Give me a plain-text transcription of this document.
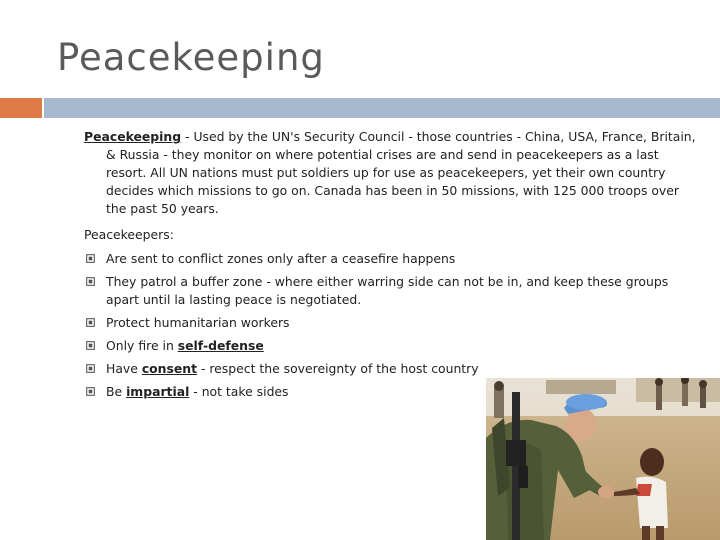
Peacekeeping

Peacekeeping - Used by the UN's Security Council - those countries - China, USA, France, Britain, & Russia - they monitor on where potential crises are and send in peacekeepers as a last resort. All UN nations must put soldiers up for use as peacekeepers, yet their own country decides which missions to go on. Canada has been in 50 missions, with 125 000 troops over the past 50 years.

Peacekeepers:

Are sent to conflict zones only after a ceasefire happens
They patrol a buffer zone - where either warring side can not be in, and keep these groups apart until la lasting peace is negotiated.
Protect humanitarian workers
Only fire in self-defense
Have consent - respect the sovereignty of the host country
Be impartial - not take sides
